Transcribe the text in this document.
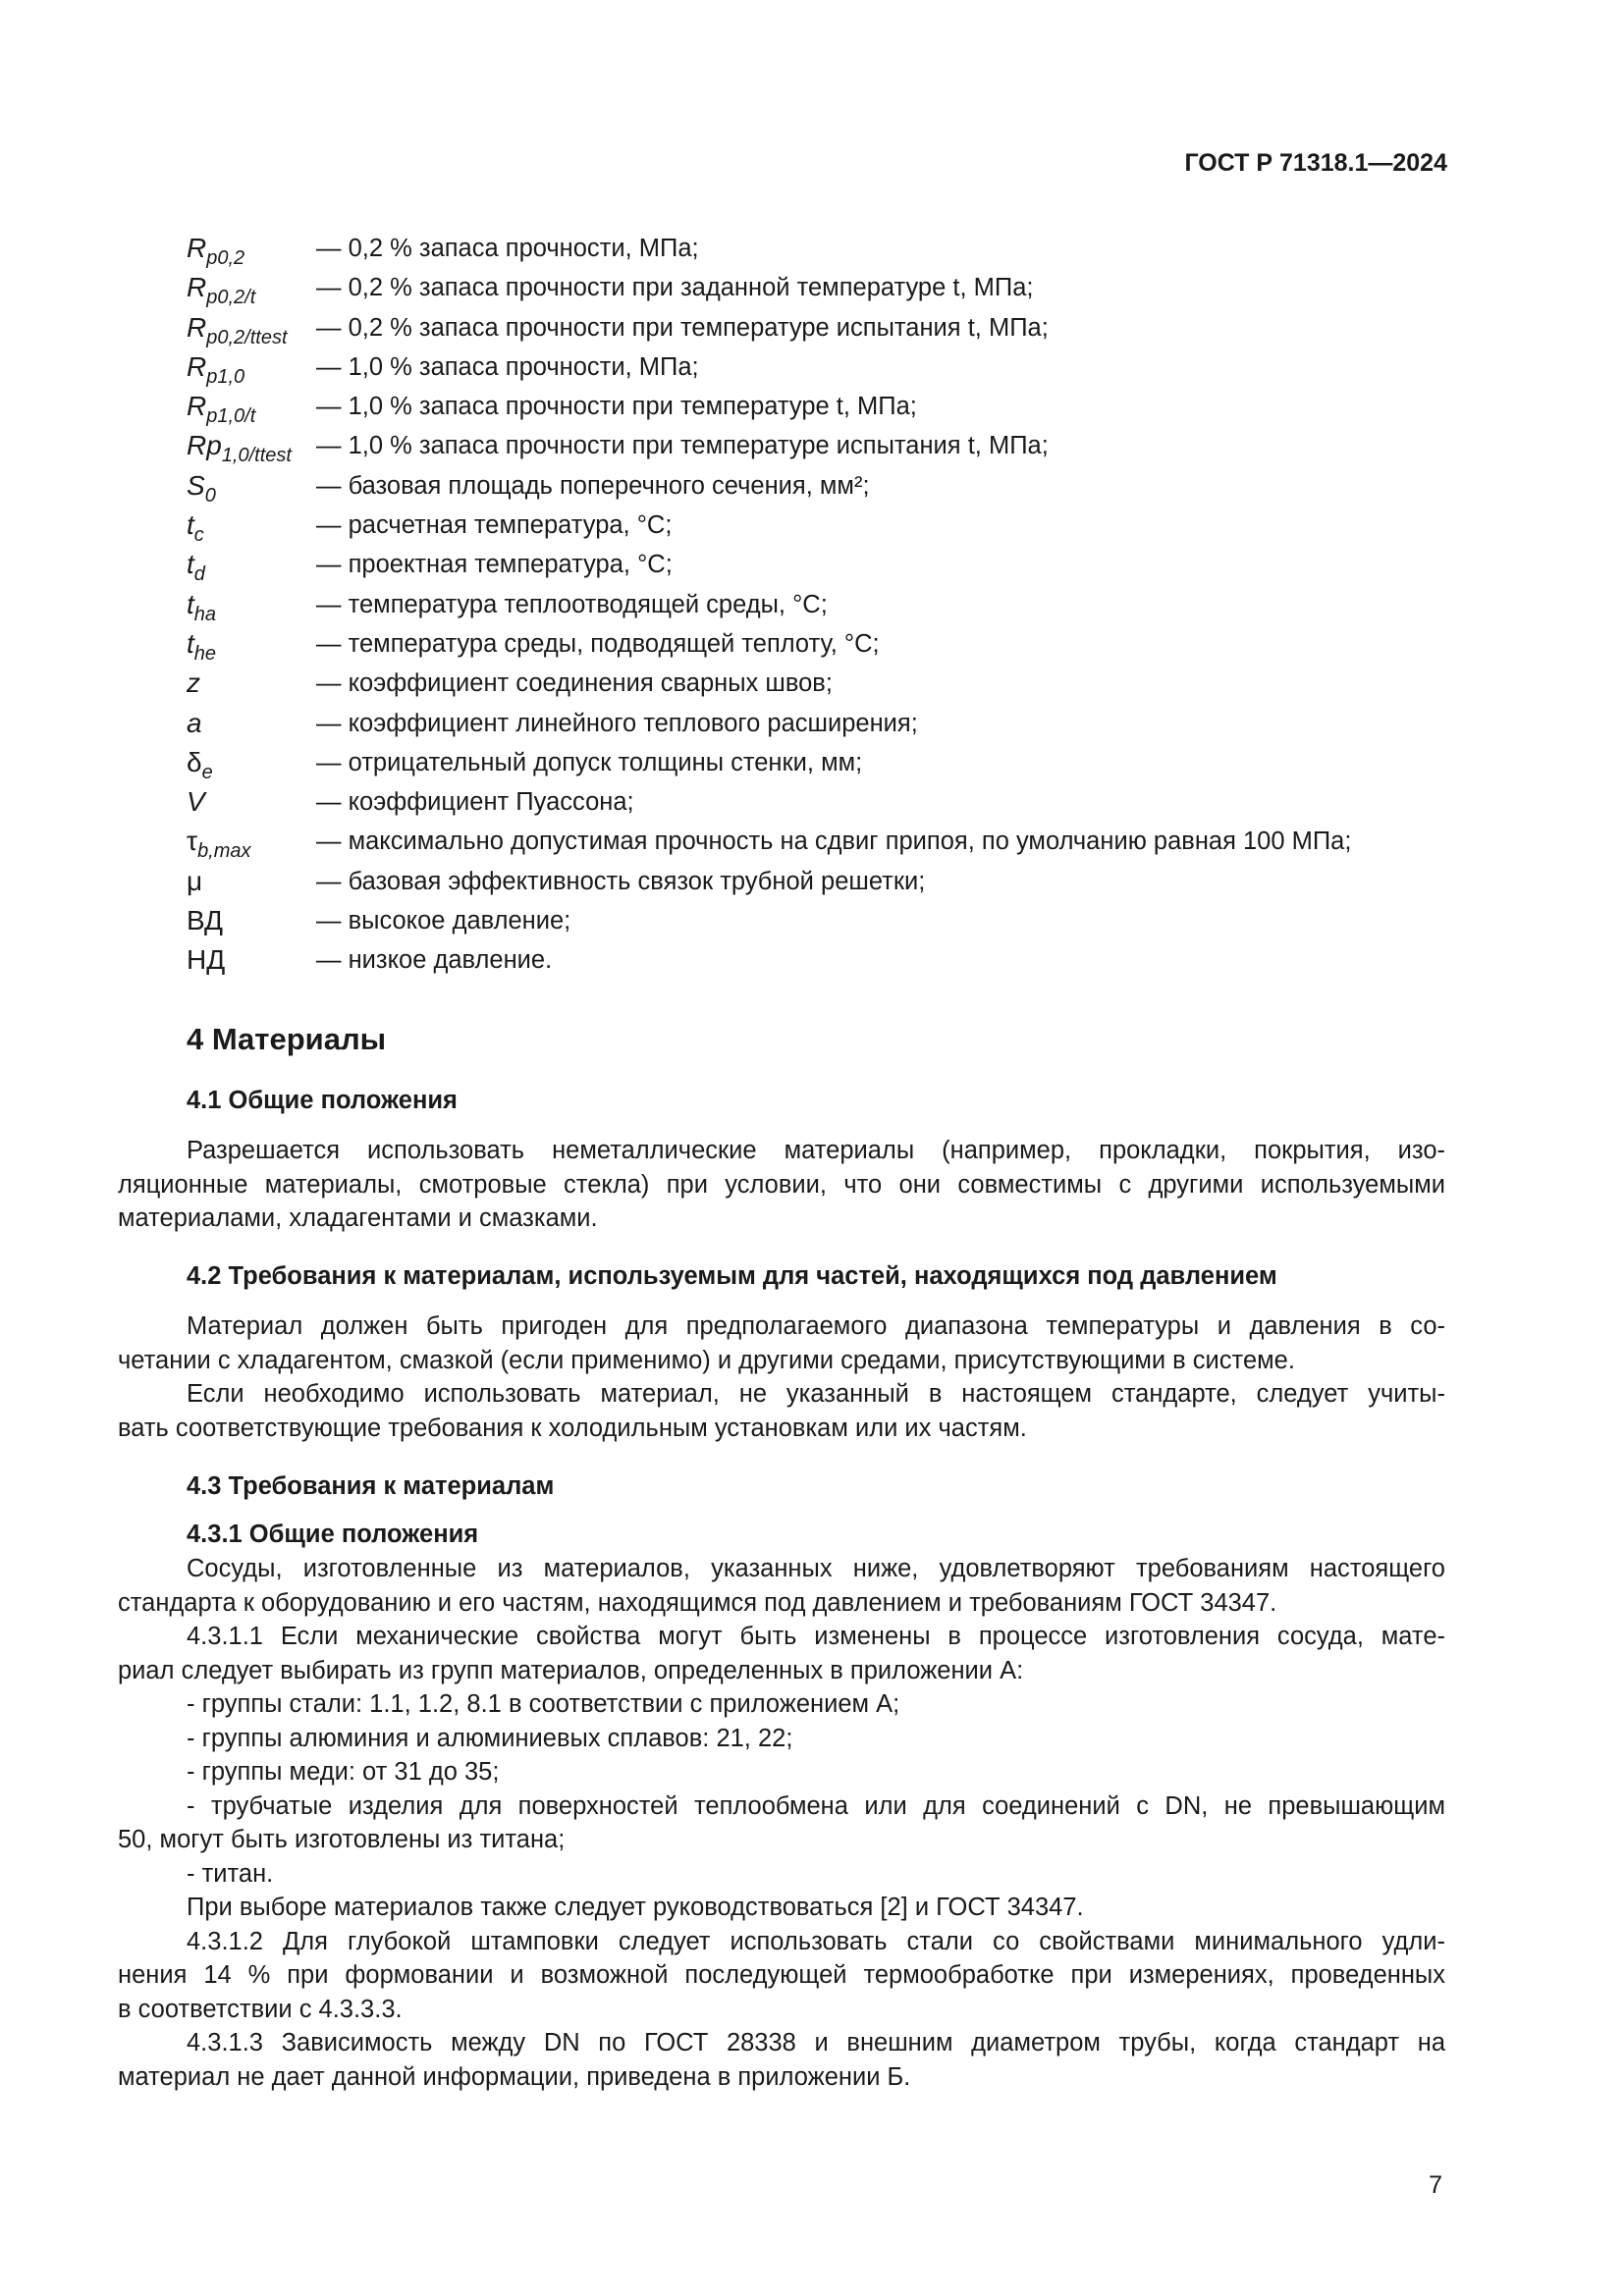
ГОСТ Р 71318.1—2024
$R_{p0,2}$	— 0,2 % запаса прочности, МПа;
$R_{p0,2/t}$ — 0,2 % запаса прочности при заданной температуре t, МПа;
$R_{p0,2/ttest}$ — 0,2 % запаса прочности при температуре испытания t, МПа;
$R_{p1,0}$	— 1,0 % запаса прочности, МПа;
$R_{p1,0/t}$ — 1,0 % запаса прочности при температуре t, МПа;
$Rp_{1,0/ttest}$ — 1,0 % запаса прочности при температуре испытания t, МПа;
$S_0$	— базовая площадь поперечного сечения, мм²;
$t_c$	— расчетная температура, °С;
$t_d$	— проектная температура, °С;
$t_{ha}$	— температура теплоотводящей среды, °С;
$t_{he}$	— температура среды, подводящей теплоту, °С;
z	— коэффициент соединения сварных швов;
a	— коэффициент линейного теплового расширения;
$\delta_e$	— отрицательный допуск толщины стенки, мм;
V	— коэффициент Пуассона;
$\tau_{b,max}$	— максимально допустимая прочность на сдвиг припоя, по умолчанию равная 100 МПа;
μ	— базовая эффективность связок трубной решетки;
ВД	— высокое давление;
НД	— низкое давление.
4 Материалы
4.1 Общие положения
Разрешается использовать неметаллические материалы (например, прокладки, покрытия, изо-
ляционные материалы, смотровые стекла) при условии, что они совместимы с другими используемыми
материалами, хладагентами и смазками.
4.2 Требования к материалам, используемым для частей, находящихся под давлением
Материал должен быть пригоден для предполагаемого диапазона температуры и давления в со-
четании с хладагентом, смазкой (если применимо) и другими средами, присутствующими в системе.
Если необходимо использовать материал, не указанный в настоящем стандарте, следует учиты-
вать соответствующие требования к холодильным установкам или их частям.
4.3 Требования к материалам
4.3.1 Общие положения
Сосуды, изготовленные из материалов, указанных ниже, удовлетворяют требованиям настоящего
стандарта к оборудованию и его частям, находящимся под давлением и требованиям ГОСТ 34347.
4.3.1.1 Если механические свойства могут быть изменены в процессе изготовления сосуда, мате-
риал следует выбирать из групп материалов, определенных в приложении А:
- группы стали: 1.1, 1.2, 8.1 в соответствии с приложением А;
- группы алюминия и алюминиевых сплавов: 21, 22;
- группы меди: от 31 до 35;
- трубчатые изделия для поверхностей теплообмена или для соединений с DN, не превышающим
50, могут быть изготовлены из титана;
- титан.
При выборе материалов также следует руководствоваться [2] и ГОСТ 34347.
4.3.1.2 Для глубокой штамповки следует использовать стали со свойствами минимального удли-
нения 14 % при формовании и возможной последующей термообработке при измерениях, проведенных
в соответствии с 4.3.3.3.
4.3.1.3 Зависимость между DN по ГОСТ 28338 и внешним диаметром трубы, когда стандарт на
материал не дает данной информации, приведена в приложении Б.
7
